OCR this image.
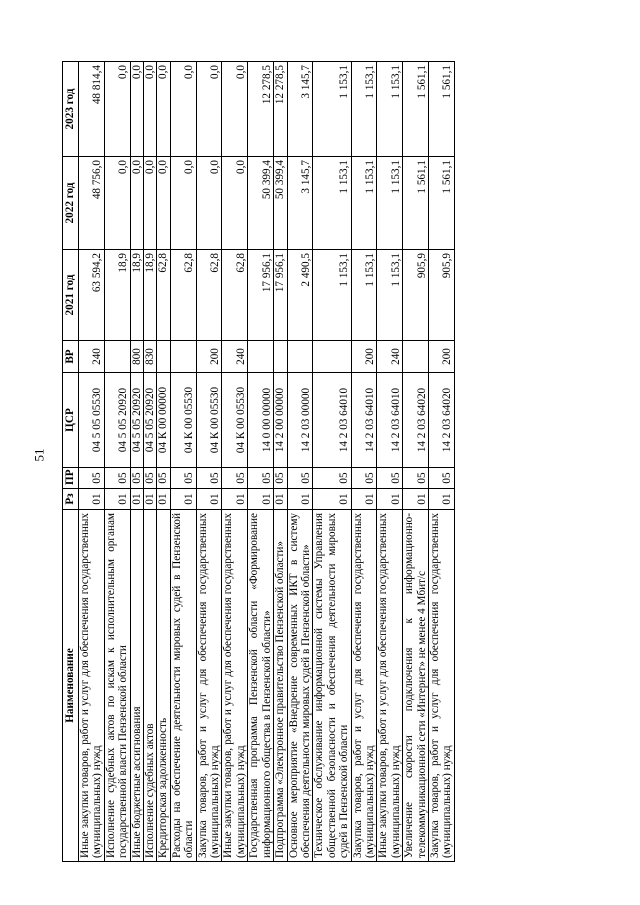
51
Наименование	Рз	ПР	ЦСР	ВР	2021 год	2022 год	2023 год
Иные закупки товаров, работ и услуг для обеспечения государственных (муниципальных) нужд	01	05	04 5 05 05530	240	63 594,2	48 756,0	48 814,4
Исполнение судебных актов по искам к исполнительным органам государственной власти Пензенской области	01	05	04 5 05 20920		18,9	0,0	0,0
Иные бюджетные ассигнования	01	05	04 5 05 20920	800	18,9	0,0	0,0
Исполнение судебных актов	01	05	04 5 05 20920	830	18,9	0,0	0,0
Кредиторская задолженность	01	05	04 К 00 00000		62,8	0,0	0,0
Расходы на обеспечение деятельности мировых судей в Пензенской области	01	05	04 К 00 05530		62,8	0,0	0,0
Закупка товаров, работ и услуг для обеспечения государственных (муниципальных) нужд	01	05	04 К 00 05530	200	62,8	0,0	0,0
Иные закупки товаров, работ и услуг для обеспечения государственных (муниципальных) нужд	01	05	04 К 00 05530	240	62,8	0,0	0,0
Государственная программа Пензенской области «Формирование информационного общества в Пензенской области»	01	05	14 0 00 00000		17 956,1	50 399,4	12 278,5
Подпрограмма «Электронное правительство Пензенской области»	01	05	14 2 00 00000		17 956,1	50 399,4	12 278,5
Основное мероприятие «Внедрение современных ИКТ в систему обеспечения деятельности мировых судей в Пензенской области»	01	05	14 2 03 00000		2 490,5	3 145,7	3 145,7
Техническое обслуживание информационной системы Управления общественной безопасности и обеспечения деятельности мировых судей в Пензенской области	01	05	14 2 03 64010		1 153,1	1 153,1	1 153,1
Закупка товаров, работ и услуг для обеспечения государственных (муниципальных) нужд	01	05	14 2 03 64010	200	1 153,1	1 153,1	1 153,1
Иные закупки товаров, работ и услуг для обеспечения государственных (муниципальных) нужд	01	05	14 2 03 64010	240	1 153,1	1 153,1	1 153,1
Увеличение скорости подключения к информационно-телекоммуникационной сети «Интернет» не менее 4 Мбит/с	01	05	14 2 03 64020		905,9	1 561,1	1 561,1
Закупка товаров, работ и услуг для обеспечения государственных (муниципальных) нужд	01	05	14 2 03 64020	200	905,9	1 561,1	1 561,1
